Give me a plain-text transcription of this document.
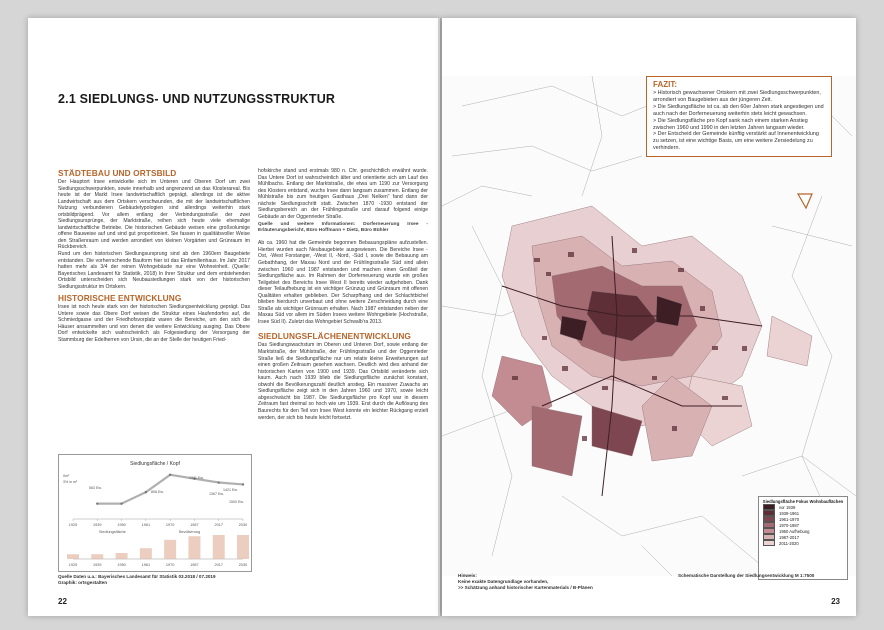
2.1 SIEDLUNGS- UND NUTZUNGSSTRUKTUR
STÄDTEBAU UND ORTSBILD

Der Hauptort Irsee entwickelte sich im Unteren und Oberen Dorf um zwei Siedlungsschwerpunkten, sowie innerhalb und angrenzend an das Klosterareal. Bis heute ist der Markt Irsee landwirtschaftlich geprägt, allerdings ist die aktive Landwirtschaft aus dem Ortskern verschwunden, die mit der landwirtschaftlichen Nutzung verbundenen Gebäudetypologien sind allerdings weiterhin stark ortsbildprägend. Vor allem entlang der Verbindungsstraße der zwei Siedlungsursprünge, der Marktstraße, reihen sich heute viele ehemalige landwirtschaftliche Betriebe. Die historischen Gebäude weisen eine großvolumige offene Bauweise auf und sind gut proportioniert. Sie fassen in qualitätsvoller Weise den Straßenraum und werden arrondiert von kleinen Vorgärten und Grünraum im Rückbereich.

Rund um den historischen Siedlungsursprung sind ab den 1960ern Baugebiete entstanden. Die vorherrschende Bauform hier ist das Einfamilienhaus. Im Jahr 2017 hatten mehr als 3/4 der reinen Wohngebäude nur eine Wohneinheit. (Quelle: Bayerisches Landesamt für Statistik, 2018) In ihrer Struktur und dem entstehenden Ortsbild unterscheiden sich Neubausiedlungen stark von der historischen Siedlungsstruktur im Ortskern.

HISTORISCHE ENTWICKLUNG

Irsee ist noch heute stark von der historischen Siedlungsentwicklung geprägt. Das Untere sowie das Obere Dorf weisen die Struktur eines Haufendorfes auf, die Schmiedgasse und der Friedhofsvorplatz waren die Bereiche, um den sich die Häuser ansammelten und von denen die weitere Entwicklung ausging. Das Obere Dorf entwickelte sich wahrscheinlich als Folgesiedlung der Versorgung der Stammburg der Edelherren von Ursin, die an der Stelle der heutigen Fried-

Siedlungsfläche / Kopf
1925	1939	1950	1961	1970	1987	2017	2030
0m²
3% in m²
563 Ew.
808 Ew.
1341 Ew.
1367 Ew.
1421 Ew.
1500 Ew.
Siedlungsfläche	Bevölkerung
1925	1939	1950	1961	1970	1987	2017	2030
Quelle Daten u.a.: Bayerisches Landesamt für Statistik 03.2018 / 07.2019
Graphik: ortsgestalten

hofskirche stand und erstmals 980 n. Chr. geschichtlich erwähnt wurde. Das Untere Dorf ist wahrscheinlich älter und orientierte sich am Lauf des Mühlbachs. Entlang der Marktstraße, die etwa um 1190 zur Versorgung des Klosters entstand, wuchs Irsee dann langsam zusammen. Entlang der Mühlstraße bis zum heutigen Gasthaus „Drei Nelken" fand dann der nächste Siedlungsschritt statt. Zwischen 1870 -1930 entstand der Siedlungsbereich an der Frühlingsstraße und darauf folgend einige Gebäude an der Oggenrieder Straße.

Quelle und weitere Informationen: Dorferneuerung Irsee - Erläuterungsbericht, Büro Hoffmann + Dietz, Büro Bühler

Ab ca. 1960 hat die Gemeinde begonnen Bebauungspläne aufzustellen. Hierbei wurden auch Neubaugebiete ausgewiesen. Die Bereiche Irsee -Ost, -West Forstanger, -West II, -Nord, -Süd I, sowie die Bebauung am Gebathhang, der Maxau Nord und der Frühlingsstraße Süd sind allein zwischen 1960 und 1987 entstanden und machen einen Großteil der Siedlungsfläche aus. Im Rahmen der Dorferneuerung wurde ein großes Teilgebiet des Bereichs Irsee West II bereits wieder aufgehoben. Dank dieser Teilaufhebung ist ein wichtiger Grünzug und Grünraum mit offenen Qualitäten erhalten geblieben. Der Scharpfhang und der Schlachtbichel blieben hierdurch unverbaut und ohne weitere Zerschneidung durch eine Straße als wichtiger Grünraum erhalten. Nach 1987 entstanden neben der Maxau Süd vor allem im Süden Irsees weitere Wohngebiete (Hochstraße, Irsee Süd II). Zuletzt das Wohngebiet Schwalb'ra 2013.

SIEDLUNGSFLÄCHENENTWICKLUNG

Das Siedlungswachstum im Oberen und Unteren Dorf, sowie entlang der Marktstraße, der Mühlstraße, der Frühlingsstraße und der Oggenrieder Straße ließ die Siedlungsfläche nur um relativ kleine Erweiterungen auf einen großen Zeitraum gesehen wachsen. Deutlich wird dies anhand der historischen Karten von 1900 und 1939. Das Ortsbild veränderte sich kaum. Auch nach 1939 blieb die Siedlungsfläche zunächst konstant, obwohl die Bevölkerungszahl deutlich anstieg. Ein massiver Zuwachs an Siedlungsfläche zeigt sich in den Jahren 1960 und 1970, sowie leicht abgeschwächt bis 1987. Die Siedlungsfläche pro Kopf war in diesem Zeitraum fast dreimal so hoch wie um 1939. Erst durch die Auflösung des Baurechts für den Teil von Irsee West konnte ein leichter Rückgang erzielt werden, der sich bis heute leicht fortsetzt.

22
FAZIT:
> Historisch gewachsener Ortskern mit zwei Siedlungsschwerpunkten, arrondiert von Baugebieten aus der jüngeren Zeit.
> Die Siedlungsfläche ist ca. ab den 60er Jahren stark angestiegen und auch nach der Dorferneuerung weiterhin stets leicht gewachsen.
> Die Siedlungsfläche pro Kopf sank nach einem starken Anstieg zwischen 1960 und 1990 in den letzten Jahren langsam wieder.
> Der Entscheid der Gemeinde künftig verstärkt auf Innenentwicklung zu setzen, ist eine wichtige Basis, um eine weitere Zersiedelung zu verhindern.
Siedlungsfläche Fokus Wohnbauflächen
vor 1939
1939-1961
1961-1970
1970-1987
1950 Aufhebung
1987-2017
2011-2020
Hinweis:
Keine exakte Datengrundlage vorhanden,
>> Schätzung anhand historischer Kartenmaterials / B-Plänen
Schematische Darstellung der Siedlungsentwicklung M 1:7500
23
